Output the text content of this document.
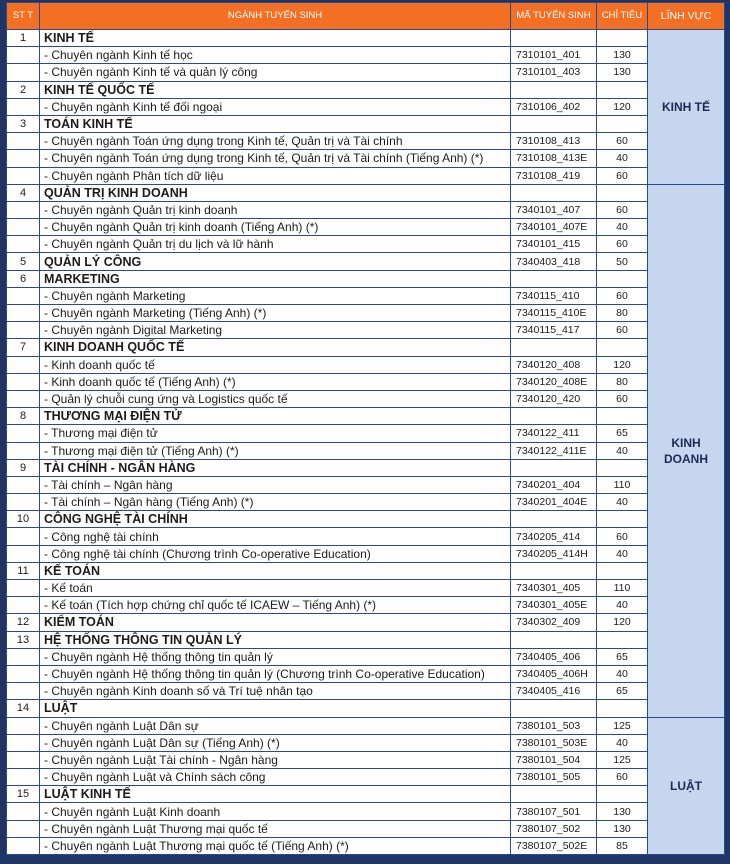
ST T	NGÀNH TUYỂN SINH	MÃ TUYỂN SINH	CHỈ TIÊU	LĨNH VỰC
1	KINH TẾ			KINH TẾ
	- Chuyên ngành Kinh tế học	7310101_401	130	
	- Chuyên ngành Kinh tế và quản lý công	7310101_403	130	
2	KINH TẾ QUỐC TẾ			
	- Chuyên ngành Kinh tế đối ngoại	7310106_402	120	
3	TOÁN KINH TẾ			
	- Chuyên ngành Toán ứng dụng trong Kinh tế, Quản trị và Tài chính	7310108_413	60	
	- Chuyên ngành Toán ứng dụng trong Kinh tế, Quản trị và Tài chính (Tiếng Anh) (*)	7310108_413E	40	
	- Chuyên ngành Phân tích dữ liệu	7310108_419	60	
4	QUẢN TRỊ KINH DOANH			KINH DOANH
	- Chuyên ngành Quản trị kinh doanh	7340101_407	60	
	- Chuyên ngành Quản trị kinh doanh (Tiếng Anh) (*)	7340101_407E	40	
	- Chuyên ngành Quản trị du lịch và lữ hành	7340101_415	60	
5	QUẢN LÝ CÔNG	7340403_418	50	
6	MARKETING			
	- Chuyên ngành Marketing	7340115_410	60	
	- Chuyên ngành Marketing (Tiếng Anh) (*)	7340115_410E	80	
	- Chuyên ngành Digital Marketing	7340115_417	60	
7	KINH DOANH QUỐC TẾ			
	- Kinh doanh quốc tế	7340120_408	120	
	- Kinh doanh quốc tế (Tiếng Anh) (*)	7340120_408E	80	
	- Quản lý chuỗi cung ứng và Logistics quốc tế	7340120_420	60	
8	THƯƠNG MẠI ĐIỆN TỬ			
	- Thương mại điện tử	7340122_411	65	
	- Thương mại điện tử (Tiếng Anh) (*)	7340122_411E	40	
9	TÀI CHÍNH - NGÂN HÀNG			
	- Tài chính – Ngân hàng	7340201_404	110	
	- Tài chính – Ngân hàng (Tiếng Anh) (*)	7340201_404E	40	
10	CÔNG NGHỆ TÀI CHÍNH			
	- Công nghệ tài chính	7340205_414	60	
	- Công nghệ tài chính (Chương trình Co-operative Education)	7340205_414H	40	
11	KẾ TOÁN			
	- Kế toán	7340301_405	110	
	- Kế toán (Tích hợp chứng chỉ quốc tế ICAEW – Tiếng Anh) (*)	7340301_405E	40	
12	KIỂM TOÁN	7340302_409	120	
13	HỆ THỐNG THÔNG TIN QUẢN LÝ			
	- Chuyên ngành Hệ thống thông tin quản lý	7340405_406	65	
	- Chuyên ngành Hệ thống thông tin quản lý (Chương trình Co-operative Education)	7340405_406H	40	
	- Chuyên ngành Kinh doanh số và Trí tuệ nhân tạo	7340405_416	65	
14	LUẬT			
	- Chuyên ngành Luật Dân sự	7380101_503	125	LUẬT
	- Chuyên ngành Luật Dân sự (Tiếng Anh) (*)	7380101_503E	40	
	- Chuyên ngành Luật Tài chính - Ngân hàng	7380101_504	125	
	- Chuyên ngành Luật và Chính sách công	7380101_505	60	
15	LUẬT KINH TẾ			
	- Chuyên ngành Luật Kinh doanh	7380107_501	130	
	- Chuyên ngành Luật Thương mại quốc tế	7380107_502	130	
	- Chuyên ngành Luật Thương mại quốc tế (Tiếng Anh) (*)	7380107_502E	85	
